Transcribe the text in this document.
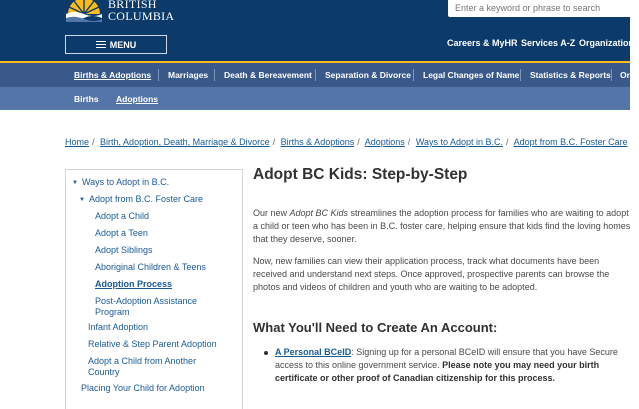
BRITISH
COLUMBIA
Enter a keyword or phrase to search
MENU	Careers & MyHR Services A-Z Organizations
Births & Adoptions Marriages Death & Bereavement Separation & Divorce Legal Changes of Name Statistics & Reports Or
Births Adoptions
Home / Birth, Adoption, Death, Marriage & Divorce / Births & Adoptions / Adoptions / Ways to Adopt in B.C. / Adopt from B.C. Foster Care
▼ Ways to Adopt in B.C.
▼ Adopt from B.C. Foster Care
Adopt a Child
Adopt a Teen
Adopt Siblings
Aboriginal Children & Teens
Adoption Process
Post-Adoption Assistance Program
Infant Adoption
Relative & Step Parent Adoption
Adopt a Child from Another Country
Placing Your Child for Adoption
Adopt BC Kids: Step-by-Step

Our new Adopt BC Kids streamlines the adoption process for families who are waiting to adopt a child or teen who has been in B.C. foster care, helping ensure that kids find the loving homes that they deserve, sooner.

Now, new families can view their application process, track what documents have been received and understand next steps. Once approved, prospective parents can browse the photos and videos of children and youth who are waiting to be adopted.

What You'll Need to Create An Account:

A Personal BCeID: Signing up for a personal BCeID will ensure that you have Secure access to this online government service. Please note you may need your birth certificate or other proof of Canadian citizenship for this process.
